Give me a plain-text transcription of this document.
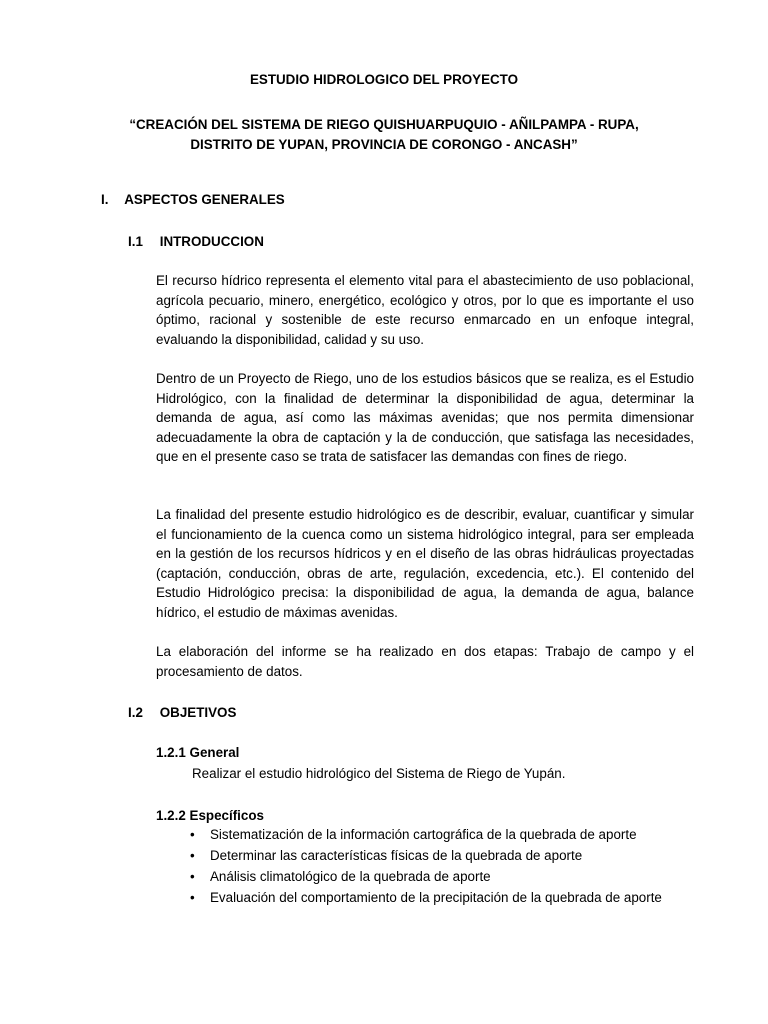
ESTUDIO HIDROLOGICO DEL PROYECTO
“CREACIÓN DEL SISTEMA DE RIEGO QUISHUARPUQUIO - AÑILPAMPA - RUPA,
DISTRITO DE YUPAN, PROVINCIA DE CORONGO - ANCASH”
I. ASPECTOS GENERALES
I.1 INTRODUCCION

El recurso hídrico representa el elemento vital para el abastecimiento de uso poblacional, agrícola pecuario, minero, energético, ecológico y otros, por lo que es importante el uso óptimo, racional y sostenible de este recurso enmarcado en un enfoque integral, evaluando la disponibilidad, calidad y su uso.

Dentro de un Proyecto de Riego, uno de los estudios básicos que se realiza, es el Estudio Hidrológico, con la finalidad de determinar la disponibilidad de agua, determinar la demanda de agua, así como las máximas avenidas; que nos permita dimensionar adecuadamente la obra de captación y la de conducción, que satisfaga las necesidades, que en el presente caso se trata de satisfacer las demandas con fines de riego.

La finalidad del presente estudio hidrológico es de describir, evaluar, cuantificar y simular el funcionamiento de la cuenca como un sistema hidrológico integral, para ser empleada en la gestión de los recursos hídricos y en el diseño de las obras hidráulicas proyectadas (captación, conducción, obras de arte, regulación, excedencia, etc.). El contenido del Estudio Hidrológico precisa: la disponibilidad de agua, la demanda de agua, balance hídrico, el estudio de máximas avenidas.

La elaboración del informe se ha realizado en dos etapas: Trabajo de campo y el procesamiento de datos.

I.2 OBJETIVOS
1.2.1 General
Realizar el estudio hidrológico del Sistema de Riego de Yupán.
1.2.2 Específicos
• Sistematización de la información cartográfica de la quebrada de aporte
• Determinar las características físicas de la quebrada de aporte
• Análisis climatológico de la quebrada de aporte
• Evaluación del comportamiento de la precipitación de la quebrada de aporte
